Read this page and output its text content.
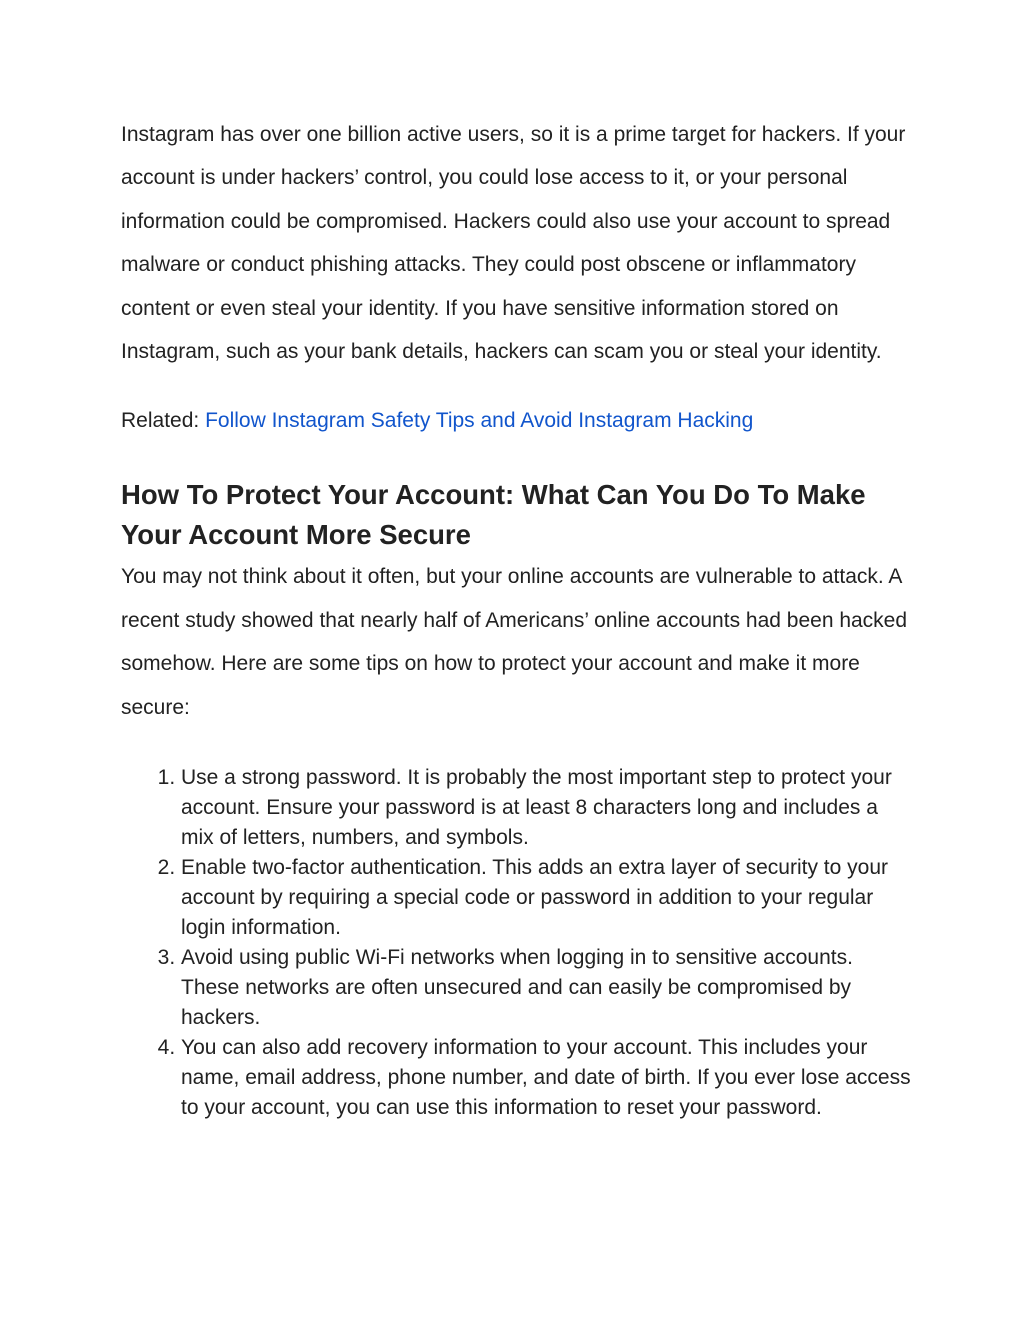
Instagram has over one billion active users, so it is a prime target for hackers. If your account is under hackers’ control, you could lose access to it, or your personal information could be compromised. Hackers could also use your account to spread malware or conduct phishing attacks. They could post obscene or inflammatory content or even steal your identity. If you have sensitive information stored on Instagram, such as your bank details, hackers can scam you or steal your identity.

Related: Follow Instagram Safety Tips and Avoid Instagram Hacking

How To Protect Your Account: What Can You Do To Make Your Account More Secure

You may not think about it often, but your online accounts are vulnerable to attack. A recent study showed that nearly half of Americans’ online accounts had been hacked somehow. Here are some tips on how to protect your account and make it more secure:

1. Use a strong password. It is probably the most important step to protect your account. Ensure your password is at least 8 characters long and includes a mix of letters, numbers, and symbols.
2. Enable two-factor authentication. This adds an extra layer of security to your account by requiring a special code or password in addition to your regular login information.
3. Avoid using public Wi-Fi networks when logging in to sensitive accounts. These networks are often unsecured and can easily be compromised by hackers.
4. You can also add recovery information to your account. This includes your name, email address, phone number, and date of birth. If you ever lose access to your account, you can use this information to reset your password.
